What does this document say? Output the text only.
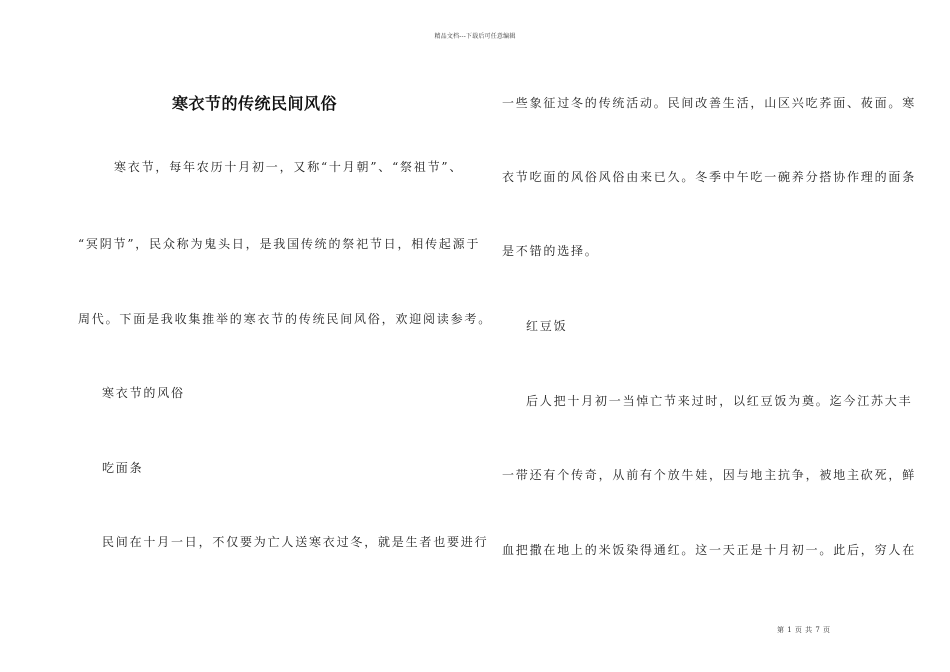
精品文档---下载后可任意编辑
寒衣节的传统民间风俗
寒衣节，每年农历十月初一，又称“十月朝”、“祭祖节”、
“冥阴节”，民众称为鬼头日，是我国传统的祭祀节日，相传起源于
周代。下面是我收集推举的寒衣节的传统民间风俗，欢迎阅读参考。
寒衣节的风俗
吃面条
民间在十月一日，不仅要为亡人送寒衣过冬，就是生者也要进行
一些象征过冬的传统活动。民间改善生活，山区兴吃荞面、莜面。寒
衣节吃面的风俗风俗由来已久。冬季中午吃一碗养分搭协作理的面条
是不错的选择。
红豆饭
后人把十月初一当悼亡节来过时，以红豆饭为奠。迄今江苏大丰
一带还有个传奇，从前有个放牛娃，因与地主抗争，被地主砍死，鲜
血把撒在地上的米饭染得通红。这一天正是十月初一。此后，穷人在
第 1 页 共 7 页
